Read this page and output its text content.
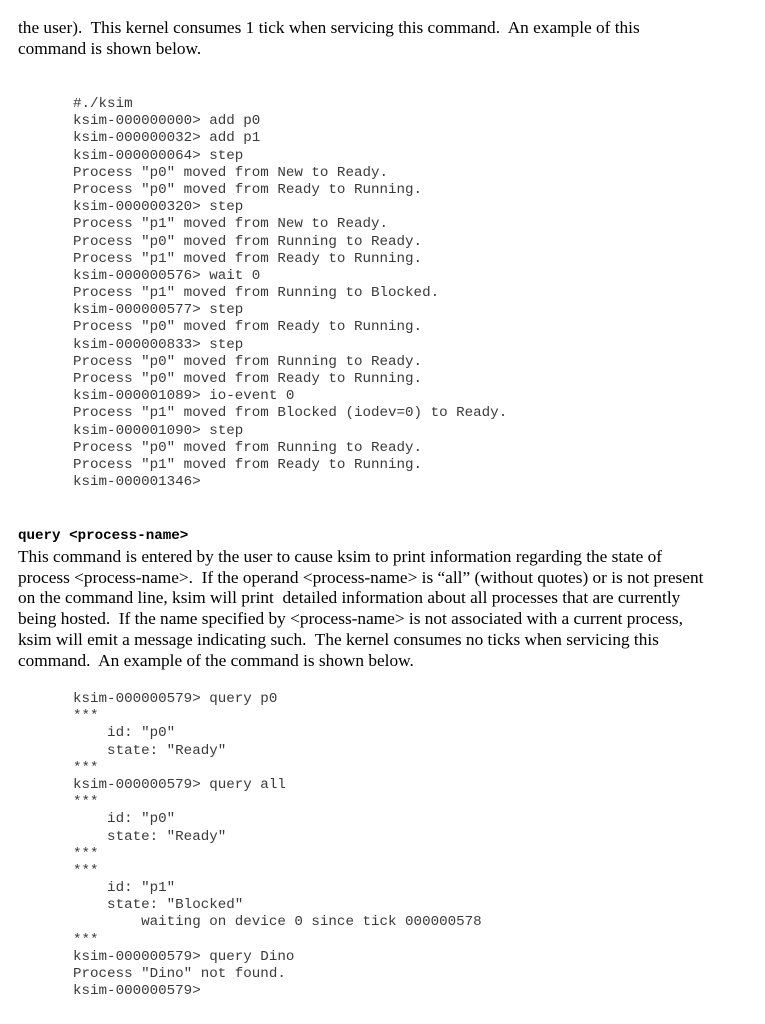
the user).  This kernel consumes 1 tick when servicing this command.  An example of this
command is shown below.

#./ksim
ksim-000000000> add p0
ksim-000000032> add p1
ksim-000000064> step
Process "p0" moved from New to Ready.
Process "p0" moved from Ready to Running.
ksim-000000320> step
Process "p1" moved from New to Ready.
Process "p0" moved from Running to Ready.
Process "p1" moved from Ready to Running.
ksim-000000576> wait 0
Process "p1" moved from Running to Blocked.
ksim-000000577> step
Process "p0" moved from Ready to Running.
ksim-000000833> step
Process "p0" moved from Running to Ready.
Process "p0" moved from Ready to Running.
ksim-000001089> io-event 0
Process "p1" moved from Blocked (iodev=0) to Ready.
ksim-000001090> step
Process "p0" moved from Running to Ready.
Process "p1" moved from Ready to Running.
ksim-000001346>
query <process-name>

This command is entered by the user to cause ksim to print information regarding the state of
process <process-name>.  If the operand <process-name> is “all” (without quotes) or is not present
on the command line, ksim will print  detailed information about all processes that are currently
being hosted.  If the name specified by <process-name> is not associated with a current process,
ksim will emit a message indicating such.  The kernel consumes no ticks when servicing this
command.  An example of the command is shown below.

ksim-000000579> query p0
***
id: "p0"
state: "Ready"
***
ksim-000000579> query all
***
id: "p0"
state: "Ready"
***
***
id: "p1"
state: "Blocked"
waiting on device 0 since tick 000000578
***
ksim-000000579> query Dino
Process "Dino" not found.
ksim-000000579>
